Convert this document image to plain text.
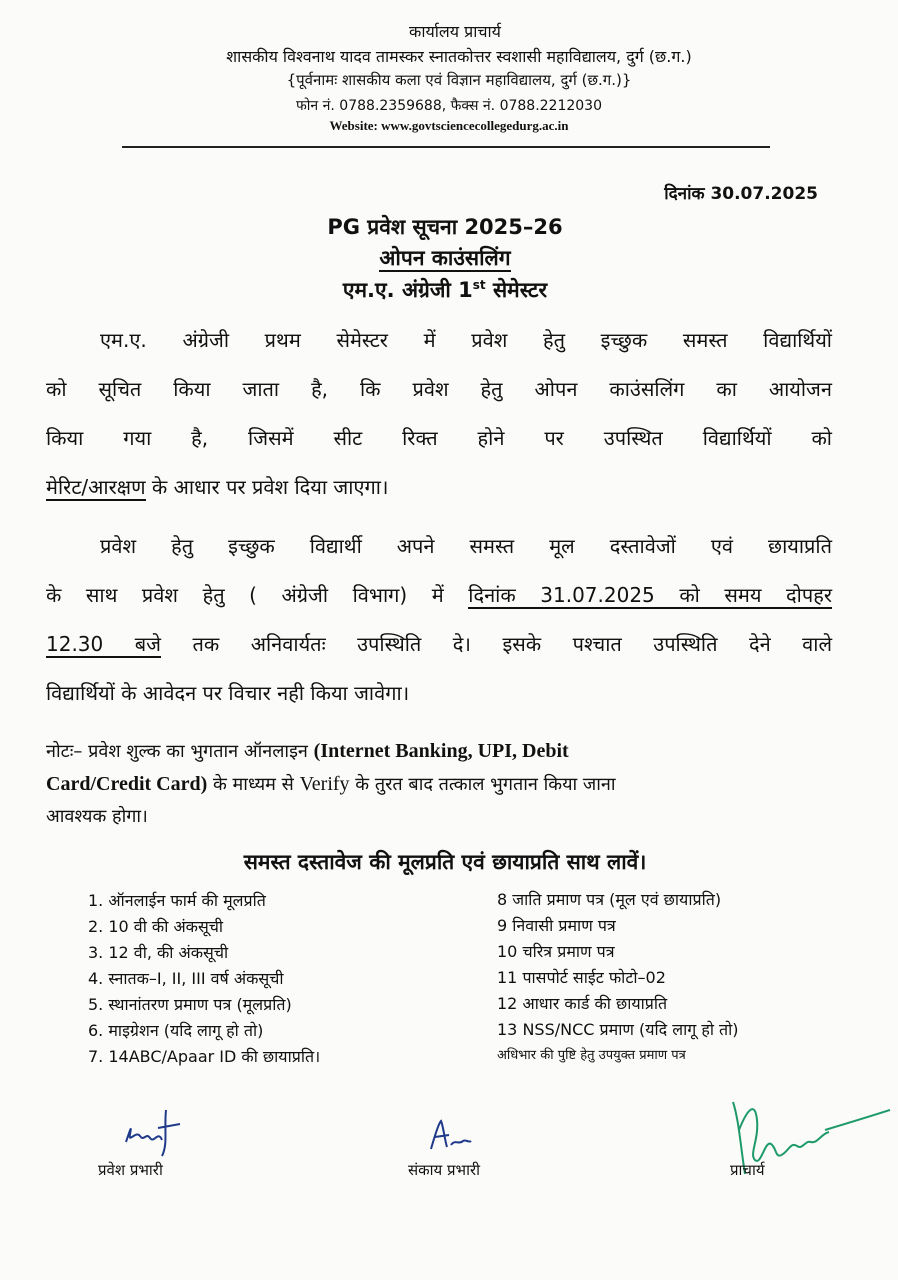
कार्यालय प्राचार्य
शासकीय विश्वनाथ यादव तामस्कर स्नातकोत्तर स्वशासी महाविद्यालय, दुर्ग (छ.ग.)
{पूर्वनामः शासकीय कला एवं विज्ञान महाविद्यालय, दुर्ग (छ.ग.)}
फोन नं. 0788.2359688, फैक्स नं. 0788.2212030
Website: www.govtsciencecollegedurg.ac.in
दिनांक 30.07.2025
PG प्रवेश सूचना 2025–26
ओपन काउंसलिंग
एम.ए. अंग्रेजी 1st सेमेस्टर
एम.ए. अंग्रेजी प्रथम सेमेस्टर में प्रवेश हेतु इच्छुक समस्त विद्यार्थियों
को सूचित किया जाता है, कि प्रवेश हेतु ओपन काउंसलिंग का आयोजन
किया गया है, जिसमें सीट रिक्त होने पर उपस्थित विद्यार्थियों को
मेरिट/आरक्षण के आधार पर प्रवेश दिया जाएगा।
प्रवेश हेतु इच्छुक विद्यार्थी अपने समस्त मूल दस्तावेजों एवं छायाप्रति
के साथ प्रवेश हेतु ( अंग्रेजी विभाग) में दिनांक 31.07.2025 को समय दोपहर
12.30 बजे तक अनिवार्यतः उपस्थिति दे। इसके पश्चात उपस्थिति देने वाले
विद्यार्थियों के आवेदन पर विचार नही किया जावेगा।
नोटः– प्रवेश शुल्क का भुगतान ऑनलाइन (Internet Banking, UPI, Debit
Card/Credit Card) के माध्यम से Verify के तुरत बाद तत्काल भुगतान किया जाना
आवश्यक होगा।
समस्त दस्तावेज की मूलप्रति एवं छायाप्रति साथ लावें।
1. ऑनलाईन फार्म की मूलप्रति
2. 10 वी की अंकसूची
3. 12 वी, की अंकसूची
4. स्नातक–I, II, III वर्ष अंकसूची
5. स्थानांतरण प्रमाण पत्र (मूलप्रति)
6. माइग्रेशन (यदि लागू हो तो)
7. 14ABC/Apaar ID की छायाप्रति।
8 जाति प्रमाण पत्र (मूल एवं छायाप्रति)
9 निवासी प्रमाण पत्र
10 चरित्र प्रमाण पत्र
11 पासपोर्ट साईट फोटो–02
12 आधार कार्ड की छायाप्रति
13 NSS/NCC प्रमाण (यदि लागू हो तो)
अधिभार की पुष्टि हेतु उपयुक्त प्रमाण पत्र
प्रवेश प्रभारी	संकाय प्रभारी	प्राचार्य
